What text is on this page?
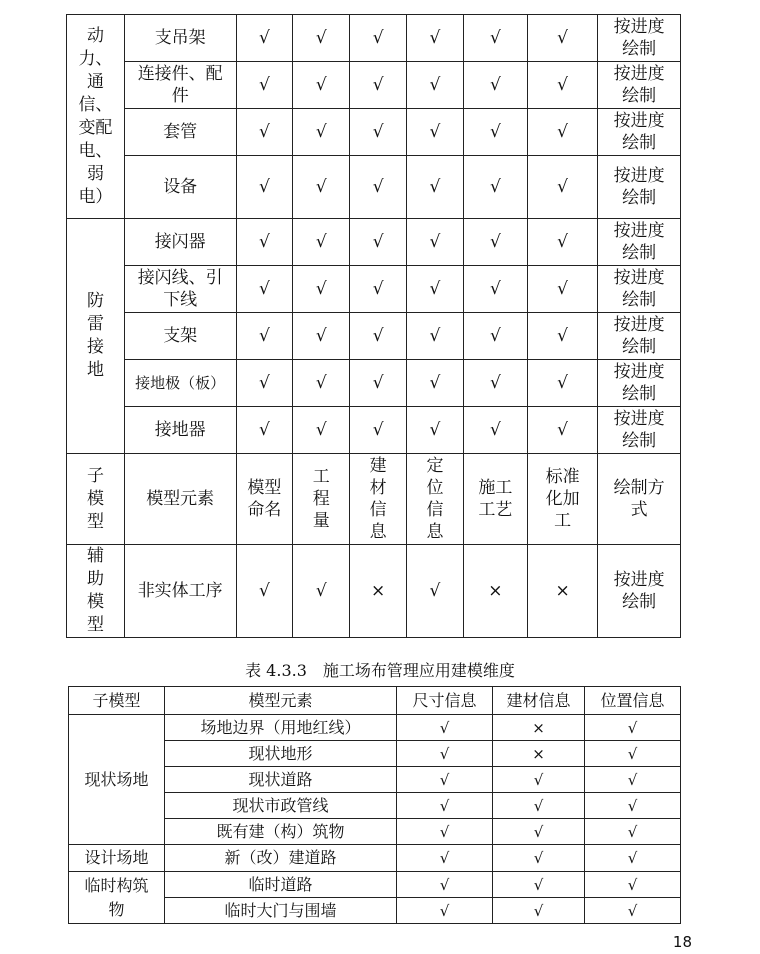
动力、通信、变配电、弱电）	支吊架	√	√	√	√	√	√	按进度绘制
	连接件、配件	√	√	√	√	√	√	按进度绘制
	套管	√	√	√	√	√	√	按进度绘制
	设备	√	√	√	√	√	√	按进度绘制
防雷接地	接闪器	√	√	√	√	√	√	按进度绘制
	接闪线、引下线	√	√	√	√	√	√	按进度绘制
	支架	√	√	√	√	√	√	按进度绘制
	接地极（板）	√	√	√	√	√	√	按进度绘制
	接地器	√	√	√	√	√	√	按进度绘制
子模型	模型元素	模型命名	工程量	建材信息	定位信息	施工工艺	标准化加工	绘制方式
辅助模型	非实体工序	√	√	×	√	×	×	按进度绘制
表 4.3.3　施工场布管理应用建模维度
子模型	模型元素	尺寸信息	建材信息	位置信息
现状场地	场地边界（用地红线）	√	×	√
	现状地形	√	×	√
	现状道路	√	√	√
	现状市政管线	√	√	√
	既有建（构）筑物	√	√	√
设计场地	新（改）建道路	√	√	√
临时构筑物	临时道路	√	√	√
	临时大门与围墙	√	√	√
18
